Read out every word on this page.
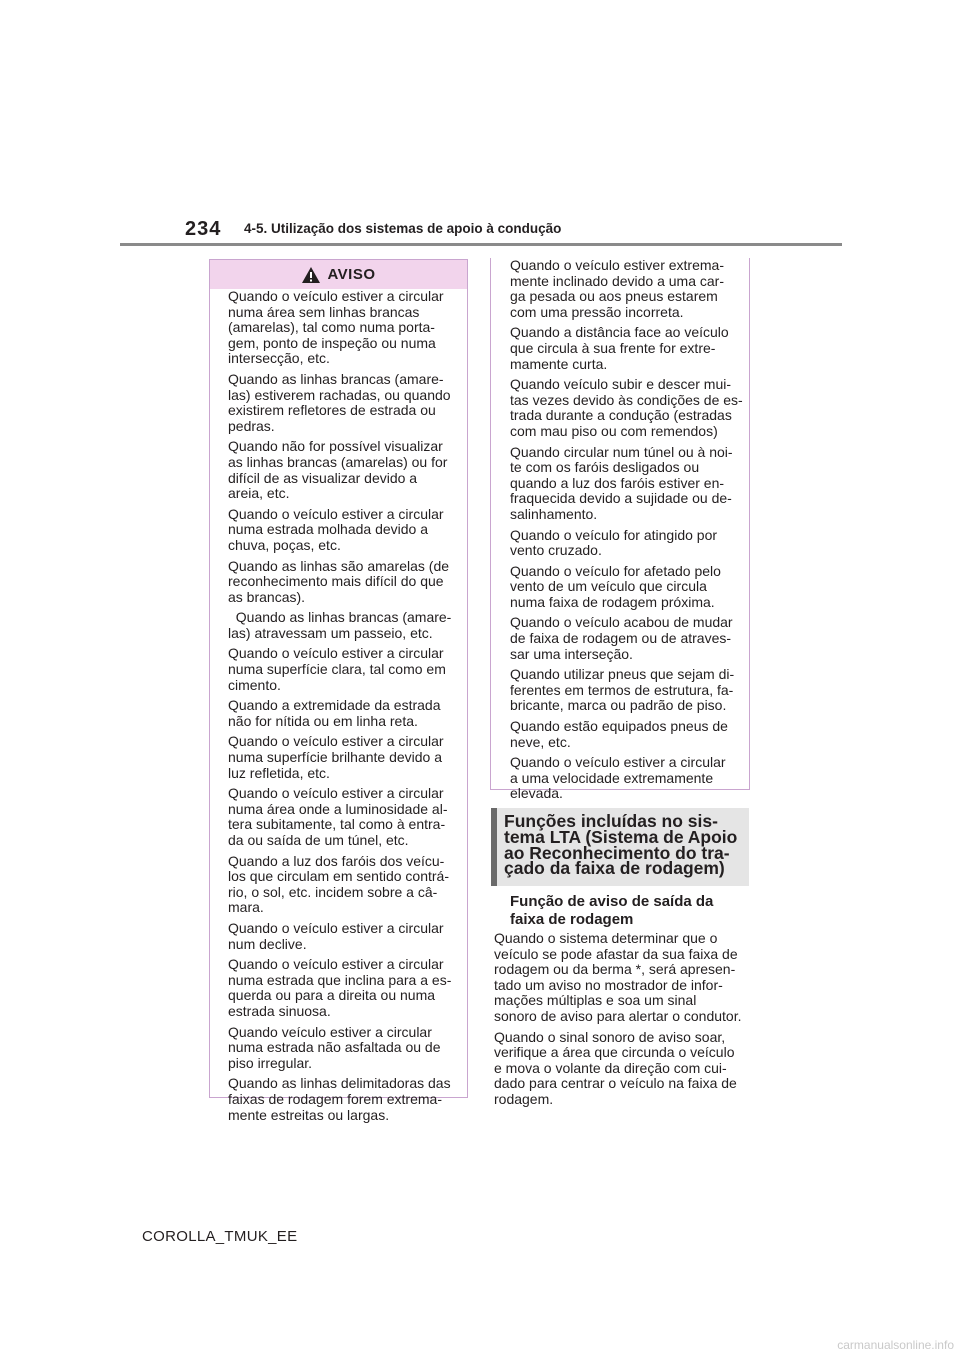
234 4-5. Utilização dos sistemas de apoio à condução
AVISO
Quando o veículo estiver a circular
numa área sem linhas brancas
(amarelas), tal como numa porta-
gem, ponto de inspeção ou numa
intersecção, etc.
Quando as linhas brancas (amare-
las) estiverem rachadas, ou quando
existirem refletores de estrada ou
pedras.
Quando não for possível visualizar
as linhas brancas (amarelas) ou for
difícil de as visualizar devido a
areia, etc.
Quando o veículo estiver a circular
numa estrada molhada devido a
chuva, poças, etc.
Quando as linhas são amarelas (de
reconhecimento mais difícil do que
as brancas).
Quando as linhas brancas (amare-
las) atravessam um passeio, etc.
Quando o veículo estiver a circular
numa superfície clara, tal como em
cimento.
Quando a extremidade da estrada
não for nítida ou em linha reta.
Quando o veículo estiver a circular
numa superfície brilhante devido a
luz refletida, etc.
Quando o veículo estiver a circular
numa área onde a luminosidade al-
tera subitamente, tal como à entra-
da ou saída de um túnel, etc.
Quando a luz dos faróis dos veícu-
los que circulam em sentido contrá-
rio, o sol, etc. incidem sobre a câ-
mara.
Quando o veículo estiver a circular
num declive.
Quando o veículo estiver a circular
numa estrada que inclina para a es-
querda ou para a direita ou numa
estrada sinuosa.
Quando veículo estiver a circular
numa estrada não asfaltada ou de
piso irregular.
Quando as linhas delimitadoras das
faixas de rodagem forem extrema-
mente estreitas ou largas.
Quando o veículo estiver extrema-
mente inclinado devido a uma car-
ga pesada ou aos pneus estarem
com uma pressão incorreta.
Quando a distância face ao veículo
que circula à sua frente for extre-
mamente curta.
Quando veículo subir e descer mui-
tas vezes devido às condições de es-
trada durante a condução (estradas
com mau piso ou com remendos)
Quando circular num túnel ou à noi-
te com os faróis desligados ou
quando a luz dos faróis estiver en-
fraquecida devido a sujidade ou de-
salinhamento.
Quando o veículo for atingido por
vento cruzado.
Quando o veículo for afetado pelo
vento de um veículo que circula
numa faixa de rodagem próxima.
Quando o veículo acabou de mudar
de faixa de rodagem ou de atraves-
sar uma interseção.
Quando utilizar pneus que sejam di-
ferentes em termos de estrutura, fa-
bricante, marca ou padrão de piso.
Quando estão equipados pneus de
neve, etc.
Quando o veículo estiver a circular
a uma velocidade extremamente
elevada.
Funções incluídas no sis-
tema LTA (Sistema de Apoio
ao Reconhecimento do tra-
çado da faixa de rodagem)
Função de aviso de saída da
faixa de rodagem
Quando o sistema determinar que o
veículo se pode afastar da sua faixa de
rodagem ou da berma *, será apresen-
tado um aviso no mostrador de infor-
mações múltiplas e soa um sinal
sonoro de aviso para alertar o condutor.
Quando o sinal sonoro de aviso soar,
verifique a área que circunda o veículo
e mova o volante da direção com cui-
dado para centrar o veículo na faixa de
rodagem.
COROLLA_TMUK_EE
carmanualsonline.info
